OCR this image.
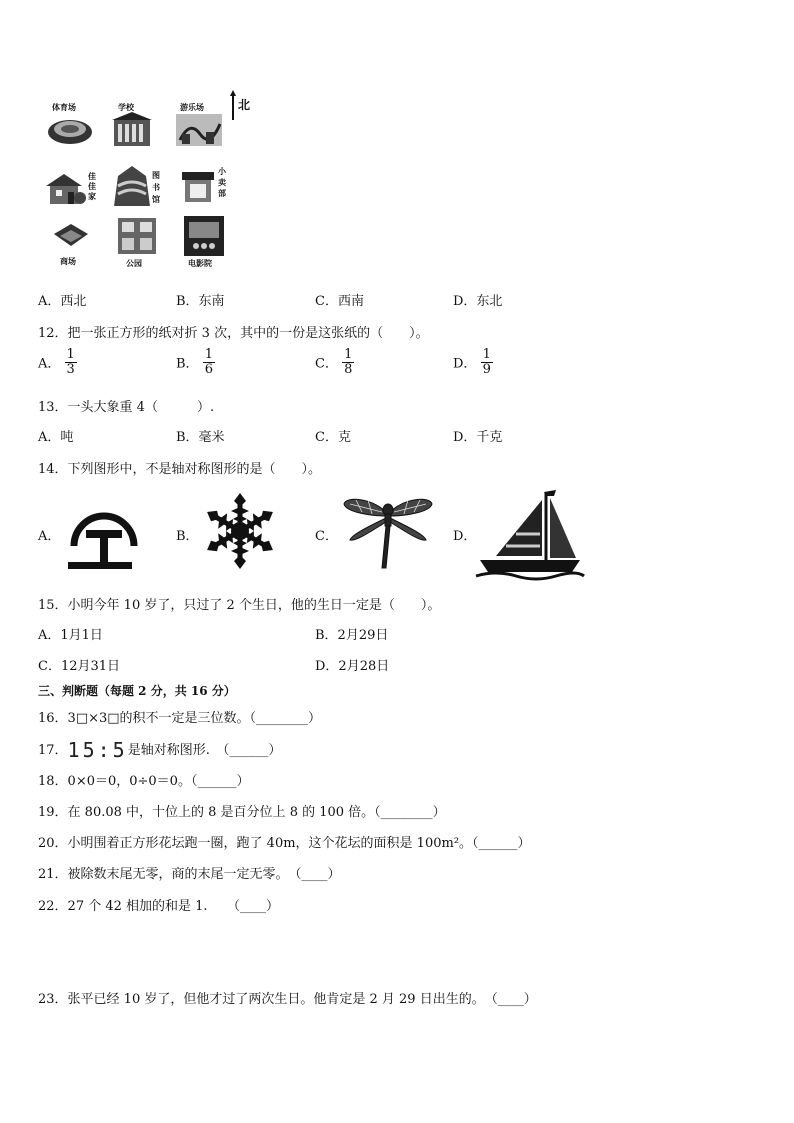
北
体育场	学校	游乐场
佳佳家
图书馆
小卖部
商场	公园	电影院
A．西北	B．东南	C．西南	D．东北
12．把一张正方形的纸对折 3 次，其中的一份是这张纸的（　　）。
A． $\frac{1}{3}$	B． $\frac{1}{6}$	C． $\frac{1}{8}$	D． $\frac{1}{9}$
13．一头大象重 4（　　　）.
A．吨	B．毫米	C．克	D．千克
14．下列图形中，不是轴对称图形的是（　　）。
A．	B．	C．	D．
15．小明今年 10 岁了，只过了 2 个生日，他的生日一定是（　　）。
A．1月1日	B．2月29日
C．12月31日	D．2月28日
三、判断题（每题 2 分，共 16 分）
16．3□×3□的积不一定是三位数。（________）
17．15:5是轴对称图形.　（______）
18．0×0＝0，0÷0＝0。（______）
19．在 80.08 中，十位上的 8 是百分位上 8 的 100 倍。（________）
20．小明围着正方形花坛跑一圈，跑了 40m，这个花坛的面积是 100m²。（______）
21．被除数末尾无零，商的末尾一定无零。　（____）
22．27 个 42 相加的和是 1.　　（____）
23．张平已经 10 岁了，但他才过了两次生日。他肯定是 2 月 29 日出生的。　（____）
